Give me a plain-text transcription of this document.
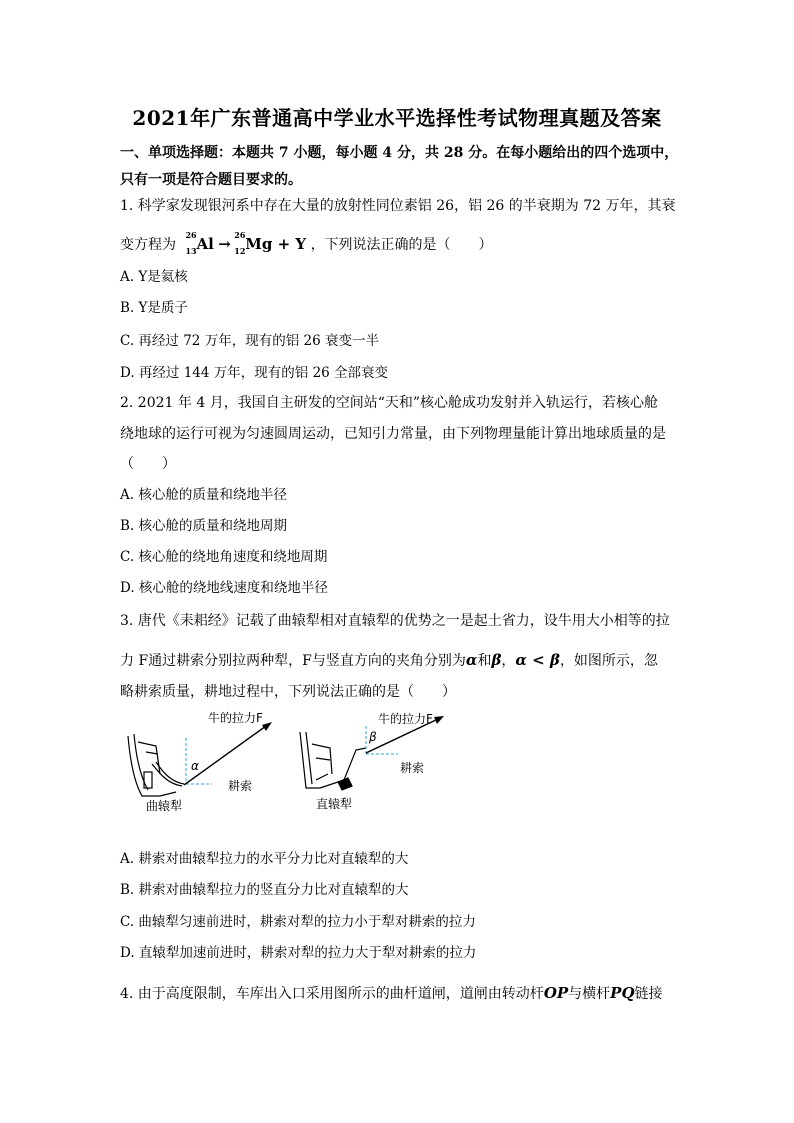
2021年广东普通高中学业水平选择性考试物理真题及答案
一、单项选择题：本题共 7 小题，每小题 4 分，共 28 分。在每小题给出的四个选项中，只有一项是符合题目要求的。
1. 科学家发现银河系中存在大量的放射性同位素铝 26，铝 26 的半衰期为 72 万年，其衰
变方程为
26
13 Al → 26
12 Mg + Y ，下列说法正确的是（　　）
A. Y是氦核
B. Y是质子
C. 再经过 72 万年，现有的铝 26 衰变一半
D. 再经过 144 万年，现有的铝 26 全部衰变
2. 2021 年 4 月，我国自主研发的空间站“天和”核心舱成功发射并入轨运行，若核心舱
绕地球的运行可视为匀速圆周运动，已知引力常量，由下列物理量能计算出地球质量的是
（　　）
A. 核心舱的质量和绕地半径
B. 核心舱的质量和绕地周期
C. 核心舱的绕地角速度和绕地周期
D. 核心舱的绕地线速度和绕地半径
3. 唐代《耒耜经》记载了曲辕犁相对直辕犁的优势之一是起土省力，设牛用大小相等的拉
力 F通过耕索分别拉两种犁，F与竖直方向的夹角分别为α和β，α < β，如图所示，忽
略耕索质量，耕地过程中，下列说法正确的是（　　）
牛的拉力F
α
耕索
曲辕犁
牛的拉力F
β
耕索
直辕犁
A. 耕索对曲辕犁拉力的水平分力比对直辕犁的大
B. 耕索对曲辕犁拉力的竖直分力比对直辕犁的大
C. 曲辕犁匀速前进时，耕索对犁的拉力小于犁对耕索的拉力
D. 直辕犁加速前进时，耕索对犁的拉力大于犁对耕索的拉力
4. 由于高度限制，车库出入口采用图所示的曲杆道闸，道闸由转动杆OP与横杆PQ链接
